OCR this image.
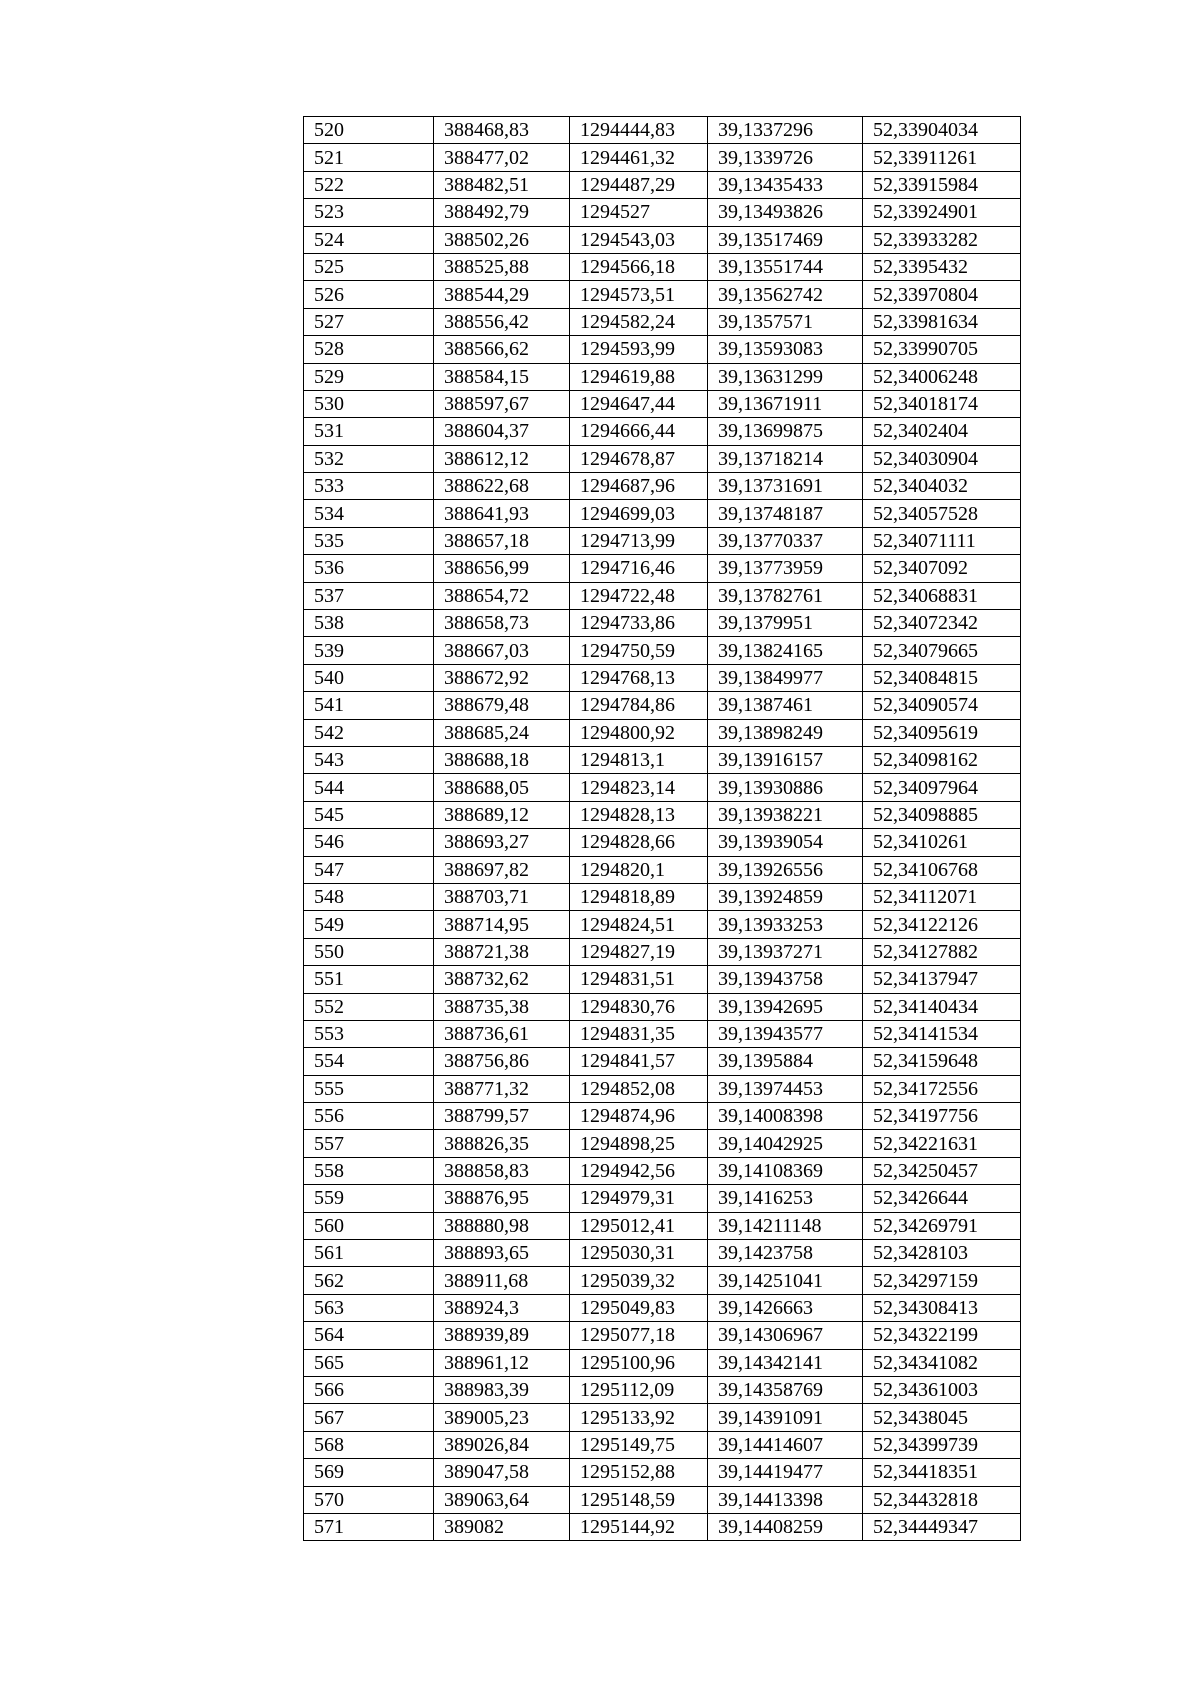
520	388468,83	1294444,83	39,1337296	52,33904034
521	388477,02	1294461,32	39,1339726	52,33911261
522	388482,51	1294487,29	39,13435433	52,33915984
523	388492,79	1294527	39,13493826	52,33924901
524	388502,26	1294543,03	39,13517469	52,33933282
525	388525,88	1294566,18	39,13551744	52,3395432
526	388544,29	1294573,51	39,13562742	52,33970804
527	388556,42	1294582,24	39,1357571	52,33981634
528	388566,62	1294593,99	39,13593083	52,33990705
529	388584,15	1294619,88	39,13631299	52,34006248
530	388597,67	1294647,44	39,13671911	52,34018174
531	388604,37	1294666,44	39,13699875	52,3402404
532	388612,12	1294678,87	39,13718214	52,34030904
533	388622,68	1294687,96	39,13731691	52,3404032
534	388641,93	1294699,03	39,13748187	52,34057528
535	388657,18	1294713,99	39,13770337	52,34071111
536	388656,99	1294716,46	39,13773959	52,3407092
537	388654,72	1294722,48	39,13782761	52,34068831
538	388658,73	1294733,86	39,1379951	52,34072342
539	388667,03	1294750,59	39,13824165	52,34079665
540	388672,92	1294768,13	39,13849977	52,34084815
541	388679,48	1294784,86	39,1387461	52,34090574
542	388685,24	1294800,92	39,13898249	52,34095619
543	388688,18	1294813,1	39,13916157	52,34098162
544	388688,05	1294823,14	39,13930886	52,34097964
545	388689,12	1294828,13	39,13938221	52,34098885
546	388693,27	1294828,66	39,13939054	52,3410261
547	388697,82	1294820,1	39,13926556	52,34106768
548	388703,71	1294818,89	39,13924859	52,34112071
549	388714,95	1294824,51	39,13933253	52,34122126
550	388721,38	1294827,19	39,13937271	52,34127882
551	388732,62	1294831,51	39,13943758	52,34137947
552	388735,38	1294830,76	39,13942695	52,34140434
553	388736,61	1294831,35	39,13943577	52,34141534
554	388756,86	1294841,57	39,1395884	52,34159648
555	388771,32	1294852,08	39,13974453	52,34172556
556	388799,57	1294874,96	39,14008398	52,34197756
557	388826,35	1294898,25	39,14042925	52,34221631
558	388858,83	1294942,56	39,14108369	52,34250457
559	388876,95	1294979,31	39,1416253	52,3426644
560	388880,98	1295012,41	39,14211148	52,34269791
561	388893,65	1295030,31	39,1423758	52,3428103
562	388911,68	1295039,32	39,14251041	52,34297159
563	388924,3	1295049,83	39,1426663	52,34308413
564	388939,89	1295077,18	39,14306967	52,34322199
565	388961,12	1295100,96	39,14342141	52,34341082
566	388983,39	1295112,09	39,14358769	52,34361003
567	389005,23	1295133,92	39,14391091	52,3438045
568	389026,84	1295149,75	39,14414607	52,34399739
569	389047,58	1295152,88	39,14419477	52,34418351
570	389063,64	1295148,59	39,14413398	52,34432818
571	389082	1295144,92	39,14408259	52,34449347
